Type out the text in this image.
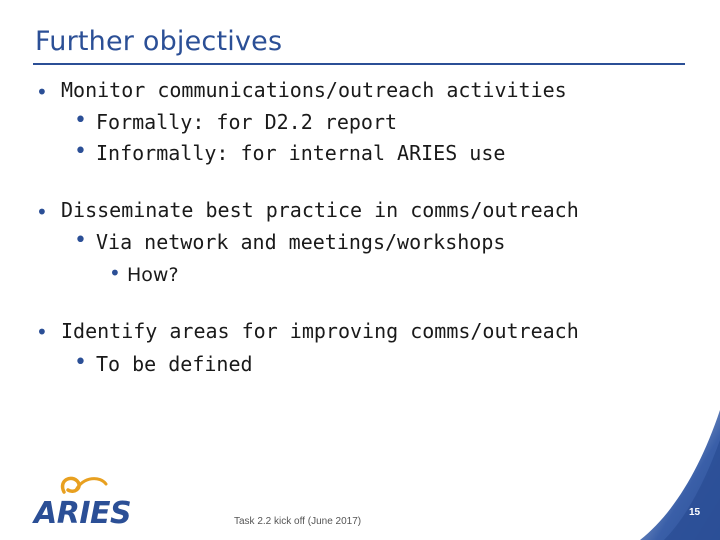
Further objectives
• Monitor communications/outreach activities
• Formally: for D2.2 report
• Informally: for internal ARIES use
• Disseminate best practice in comms/outreach
• Via network and meetings/workshops
• How?
• Identify areas for improving comms/outreach
• To be defined
ARIES	Task 2.2 kick off (June 2017)
15
